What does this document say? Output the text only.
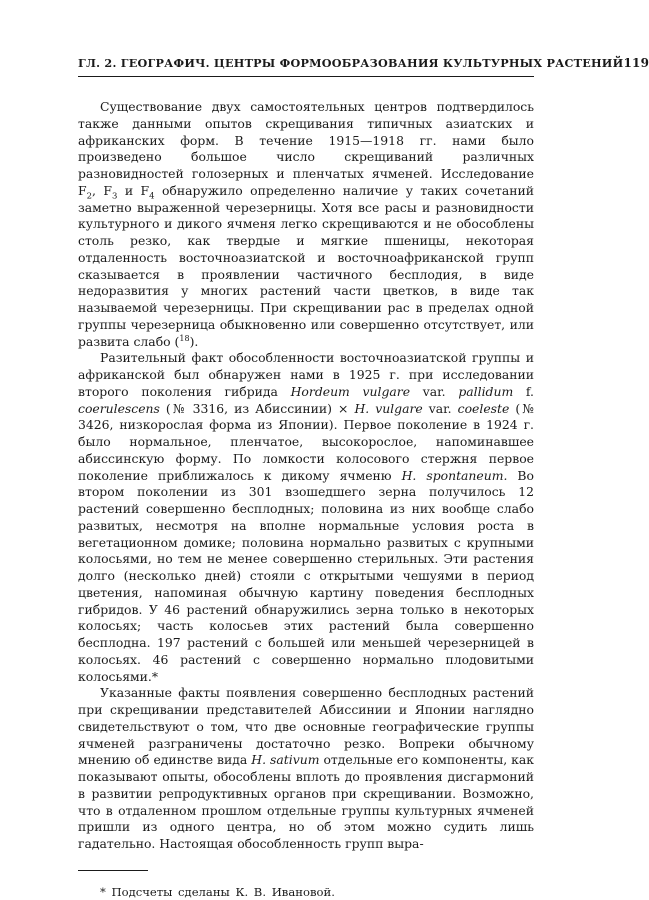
ГЛ. 2. ГЕОГРАФИЧ. ЦЕНТРЫ ФОРМООБРАЗОВАНИЯ КУЛЬТУРНЫХ РАСТЕНИЙ 119

Существование двух самостоятельных центров подтвердилось также данными опытов скрещивания типичных азиатских и африканских форм. В течение 1915—1918 гг. нами было произведено большое число скрещиваний различных разновидностей голозерных и пленчатых ячменей. Исследование $F_2$, $F_3$ и $F_4$ обнаружило определенно наличие у таких сочетаний заметно выраженной черезерницы. Хотя все расы и разновидности культурного и дикого ячменя легко скрещиваются и не обособлены столь резко, как твердые и мягкие пшеницы, некоторая отдаленность восточноазиатской и восточноафриканской групп сказывается в проявлении частичного бесплодия, в виде недоразвития у многих растений части цветков, в виде так называемой черезерницы. При скрещивании рас в пределах одной группы черезерница обыкновенно или совершенно отсутствует, или развита слабо ($^{18}$).

Разительный факт обособленности восточноазиатской группы и африканской был обнаружен нами в 1925 г. при исследовании второго поколения гибрида Hordeum vulgare var. pallidum f. coerulescens (№ 3316, из Абиссинии) × H. vulgare var. coeleste (№ 3426, низкорослая форма из Японии). Первое поколение в 1924 г. было нормальное, пленчатое, высокорослое, напоминавшее абиссинскую форму. По ломкости колосового стержня первое поколение приближалось к дикому ячменю H. spontaneum. Во втором поколении из 301 взошедшего зерна получилось 12 растений совершенно бесплодных; половина из них вообще слабо развитых, несмотря на вполне нормальные условия роста в вегетационном домике; половина нормально развитых с крупными колосьями, но тем не менее совершенно стерильных. Эти растения долго (несколько дней) стояли с открытыми чешуями в период цветения, напоминая обычную картину поведения бесплодных гибридов. У 46 растений обнаружились зерна только в некоторых колосьях; часть колосьев этих растений была совершенно бесплодна. 197 растений с большей или меньшей черезерницей в колосьях. 46 растений с совершенно нормально плодовитыми колосьями.*

Указанные факты появления совершенно бесплодных растений при скрещивании представителей Абиссинии и Японии наглядно свидетельствуют о том, что две основные географические группы ячменей разграничены достаточно резко. Вопреки обычному мнению об единстве вида H. sativum отдельные его компоненты, как показывают опыты, обособлены вплоть до проявления дисгармоний в развитии репродуктивных органов при скрещивании. Возможно, что в отдаленном прошлом отдельные группы культурных ячменей пришли из одного центра, но об этом можно судить лишь гадательно. Настоящая обособленность групп выра-

* Подсчеты сделаны К. В. Ивановой.
